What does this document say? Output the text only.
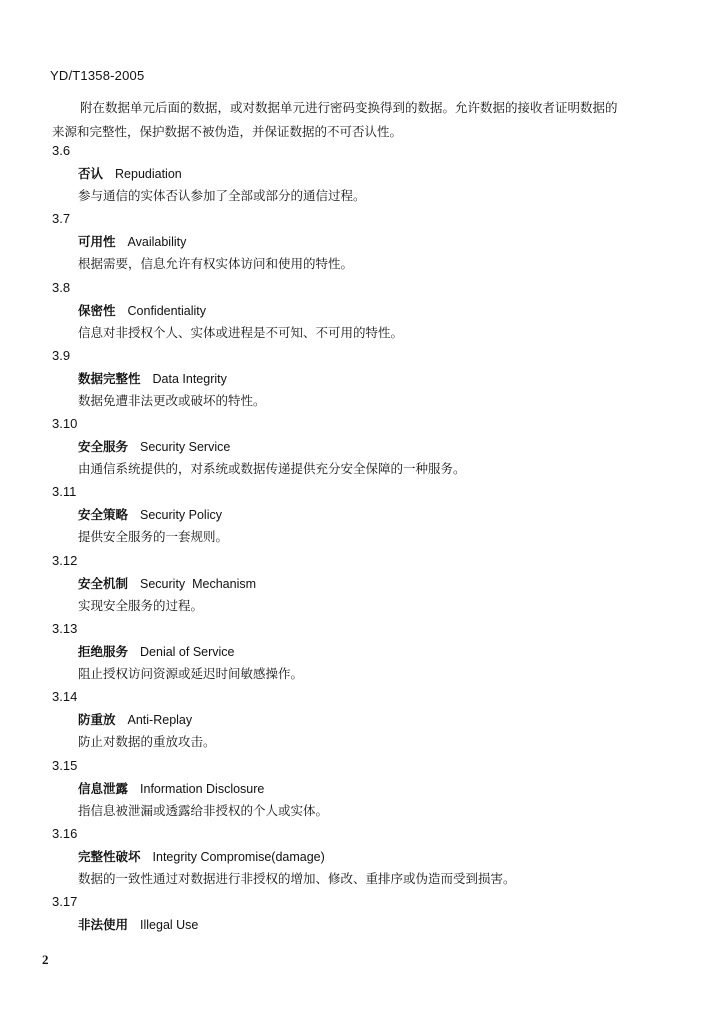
YD/T1358-2005
附在数据单元后面的数据，或对数据单元进行密码变换得到的数据。允许数据的接收者证明数据的
来源和完整性，保护数据不被伪造，并保证数据的不可否认性。
3.6
否认 Repudiation
参与通信的实体否认参加了全部或部分的通信过程。
3.7
可用性 Availability
根据需要，信息允许有权实体访问和使用的特性。
3.8
保密性 Confidentiality
信息对非授权个人、实体或进程是不可知、不可用的特性。
3.9
数据完整性 Data Integrity
数据免遭非法更改或破坏的特性。
3.10
安全服务 Security Service
由通信系统提供的，对系统或数据传递提供充分安全保障的一种服务。
3.11
安全策略 Security Policy
提供安全服务的一套规则。
3.12
安全机制 Security  Mechanism
实现安全服务的过程。
3.13
拒绝服务 Denial of Service
阻止授权访问资源或延迟时间敏感操作。
3.14
防重放 Anti-Replay
防止对数据的重放攻击。
3.15
信息泄露 Information Disclosure
指信息被泄漏或透露给非授权的个人或实体。
3.16
完整性破坏 Integrity Compromise(damage)
数据的一致性通过对数据进行非授权的增加、修改、重排序或伪造而受到损害。
3.17
非法使用 Illegal Use
2
